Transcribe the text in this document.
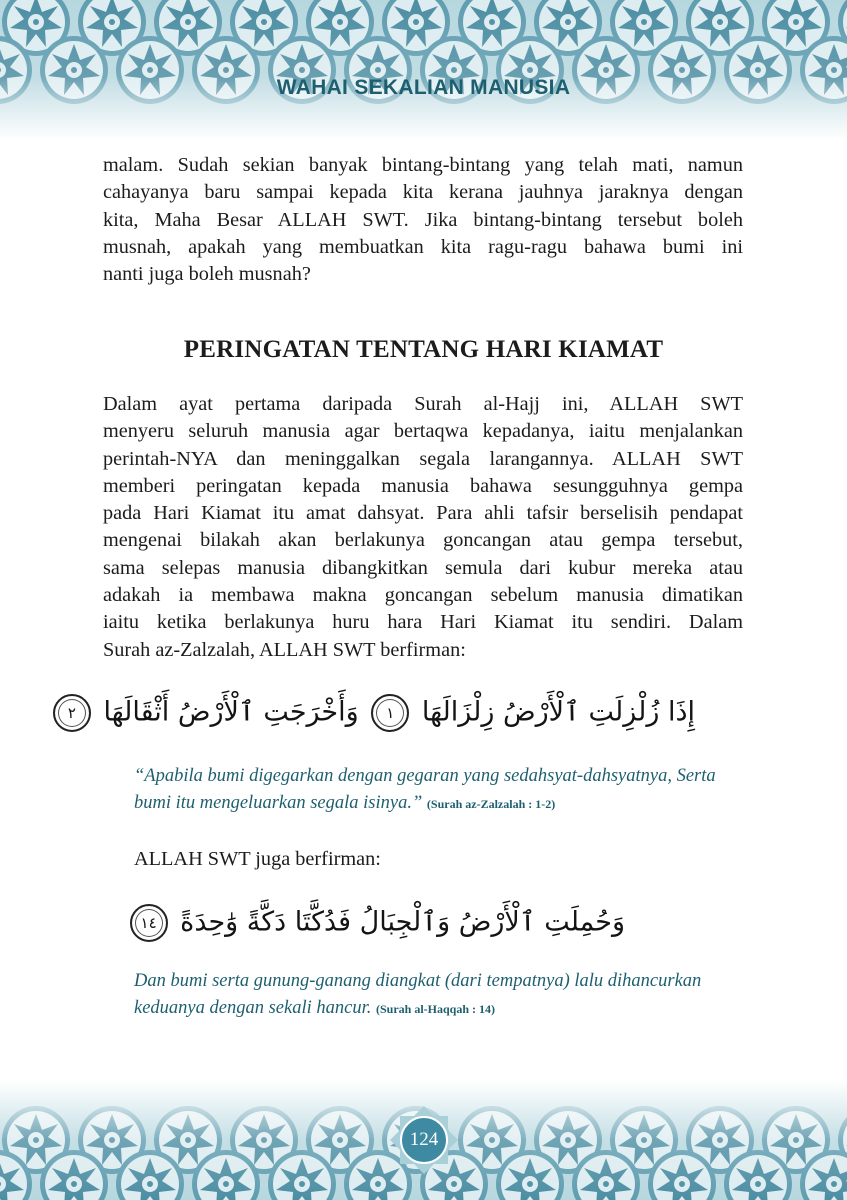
WAHAI SEKALIAN MANUSIA
malam. Sudah sekian banyak bintang-bintang yang telah mati, namun
cahayanya baru sampai kepada kita kerana jauhnya jaraknya dengan
kita, Maha Besar ALLAH SWT. Jika bintang-bintang tersebut boleh
musnah, apakah yang membuatkan kita ragu-ragu bahawa bumi ini
nanti juga boleh musnah?
PERINGATAN TENTANG HARI KIAMAT
Dalam ayat pertama daripada Surah al-Hajj ini, ALLAH SWT
menyeru seluruh manusia agar bertaqwa kepadanya, iaitu menjalankan
perintah-NYA dan meninggalkan segala larangannya. ALLAH SWT
memberi peringatan kepada manusia bahawa sesungguhnya gempa
pada Hari Kiamat itu amat dahsyat. Para ahli tafsir berselisih pendapat
mengenai bilakah akan berlakunya goncangan atau gempa tersebut,
sama selepas manusia dibangkitkan semula dari kubur mereka atau
adakah ia membawa makna goncangan sebelum manusia dimatikan
iaitu ketika berlakunya huru hara Hari Kiamat itu sendiri. Dalam
Surah az-Zalzalah, ALLAH SWT berfirman:
إِذَا زُلْزِلَتِ ٱلْأَرْضُ زِلْزَالَهَا ١ وَأَخْرَجَتِ ٱلْأَرْضُ أَثْقَالَهَا ٢
“Apabila bumi digegarkan dengan gegaran yang sedahsyat-dahsyatnya, Serta
bumi itu mengeluarkan segala isinya.” (Surah az-Zalzalah : 1-2)
ALLAH SWT juga berfirman:
وَحُمِلَتِ ٱلْأَرْضُ وَٱلْجِبَالُ فَدُكَّتَا دَكَّةً وَٰحِدَةً ١٤
Dan bumi serta gunung-ganang diangkat (dari tempatnya) lalu dihancurkan
keduanya dengan sekali hancur. (Surah al-Haqqah : 14)
124
